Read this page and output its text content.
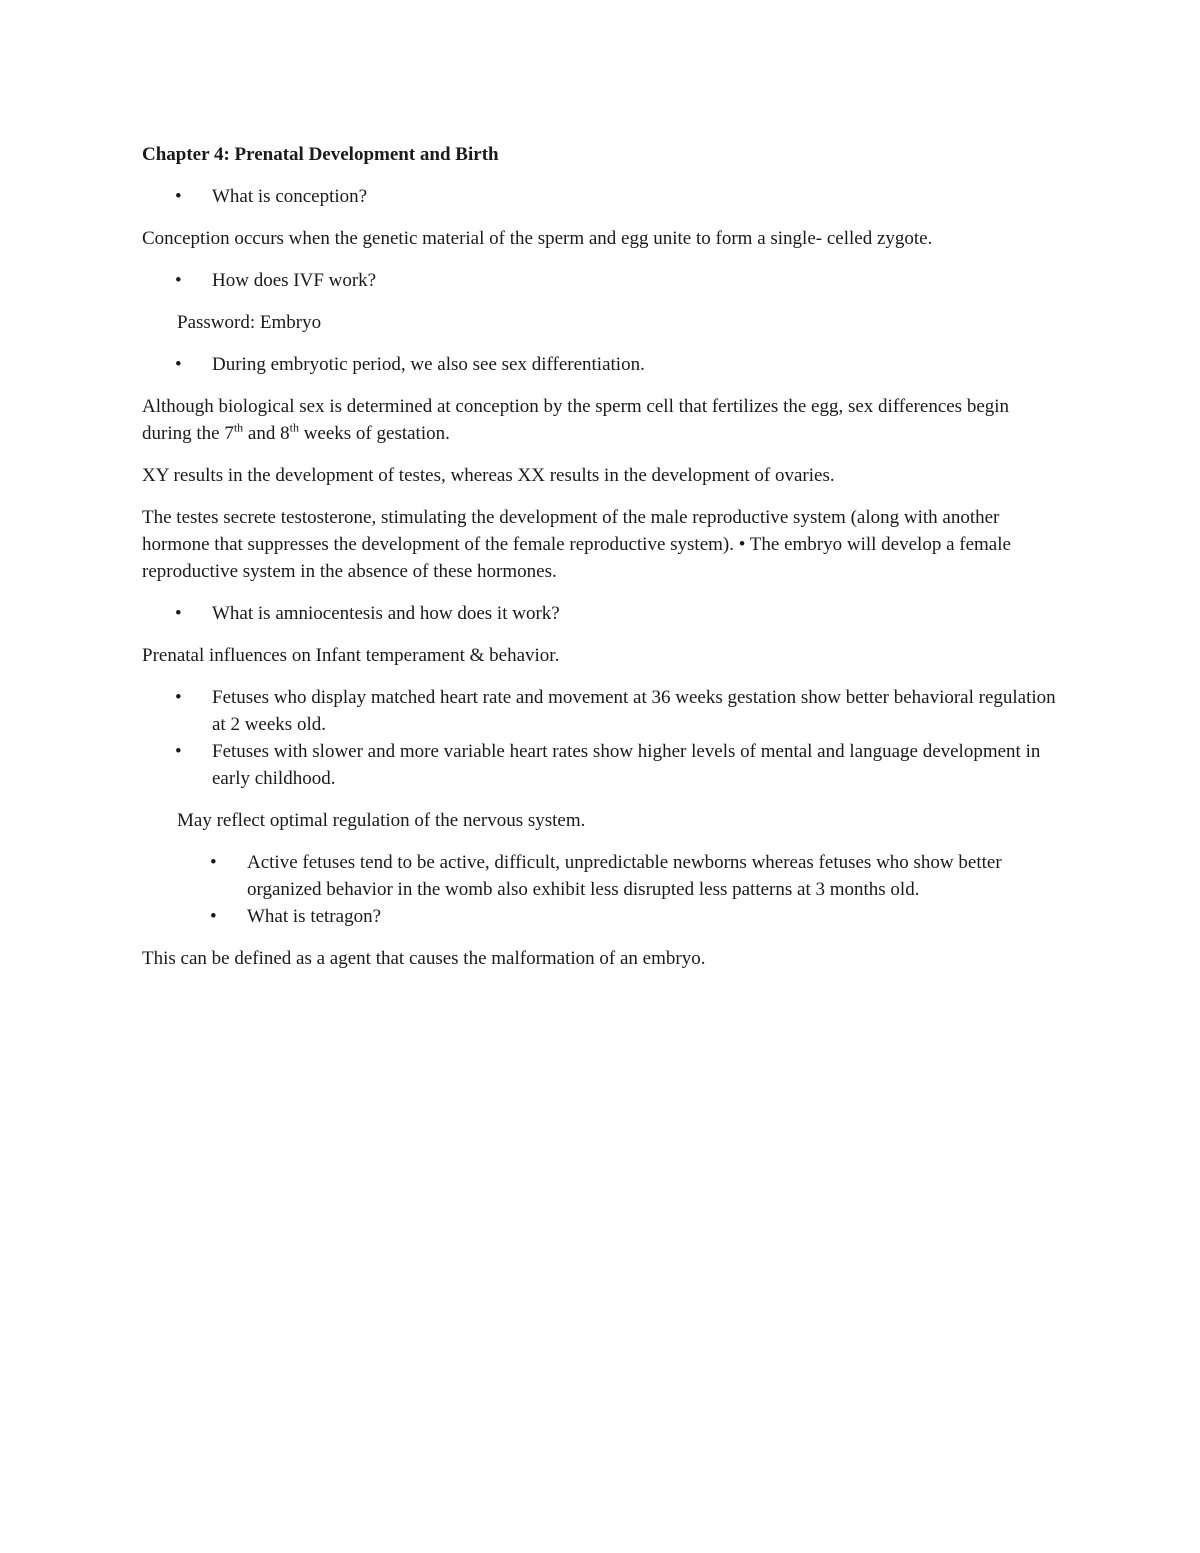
Chapter 4: Prenatal Development and Birth

• What is conception?

Conception occurs when the genetic material of the sperm and egg unite to form a single- celled zygote.

• How does IVF work?

Password: Embryo

• During embryotic period, we also see sex differentiation.

Although biological sex is determined at conception by the sperm cell that fertilizes the egg, sex differences begin during the 7th and 8th weeks of gestation.

XY results in the development of testes, whereas XX results in the development of ovaries.

The testes secrete testosterone, stimulating the development of the male reproductive system (along with another hormone that suppresses the development of the female reproductive system). • The embryo will develop a female reproductive system in the absence of these hormones.

• What is amniocentesis and how does it work?

Prenatal influences on Infant temperament & behavior.

• Fetuses who display matched heart rate and movement at 36 weeks gestation show better behavioral regulation at 2 weeks old.
• Fetuses with slower and more variable heart rates show higher levels of mental and language development in early childhood.

May reflect optimal regulation of the nervous system.

• Active fetuses tend to be active, difficult, unpredictable newborns whereas fetuses who show better organized behavior in the womb also exhibit less disrupted less patterns at 3 months old.
• What is tetragon?

This can be defined as a agent that causes the malformation of an embryo.
